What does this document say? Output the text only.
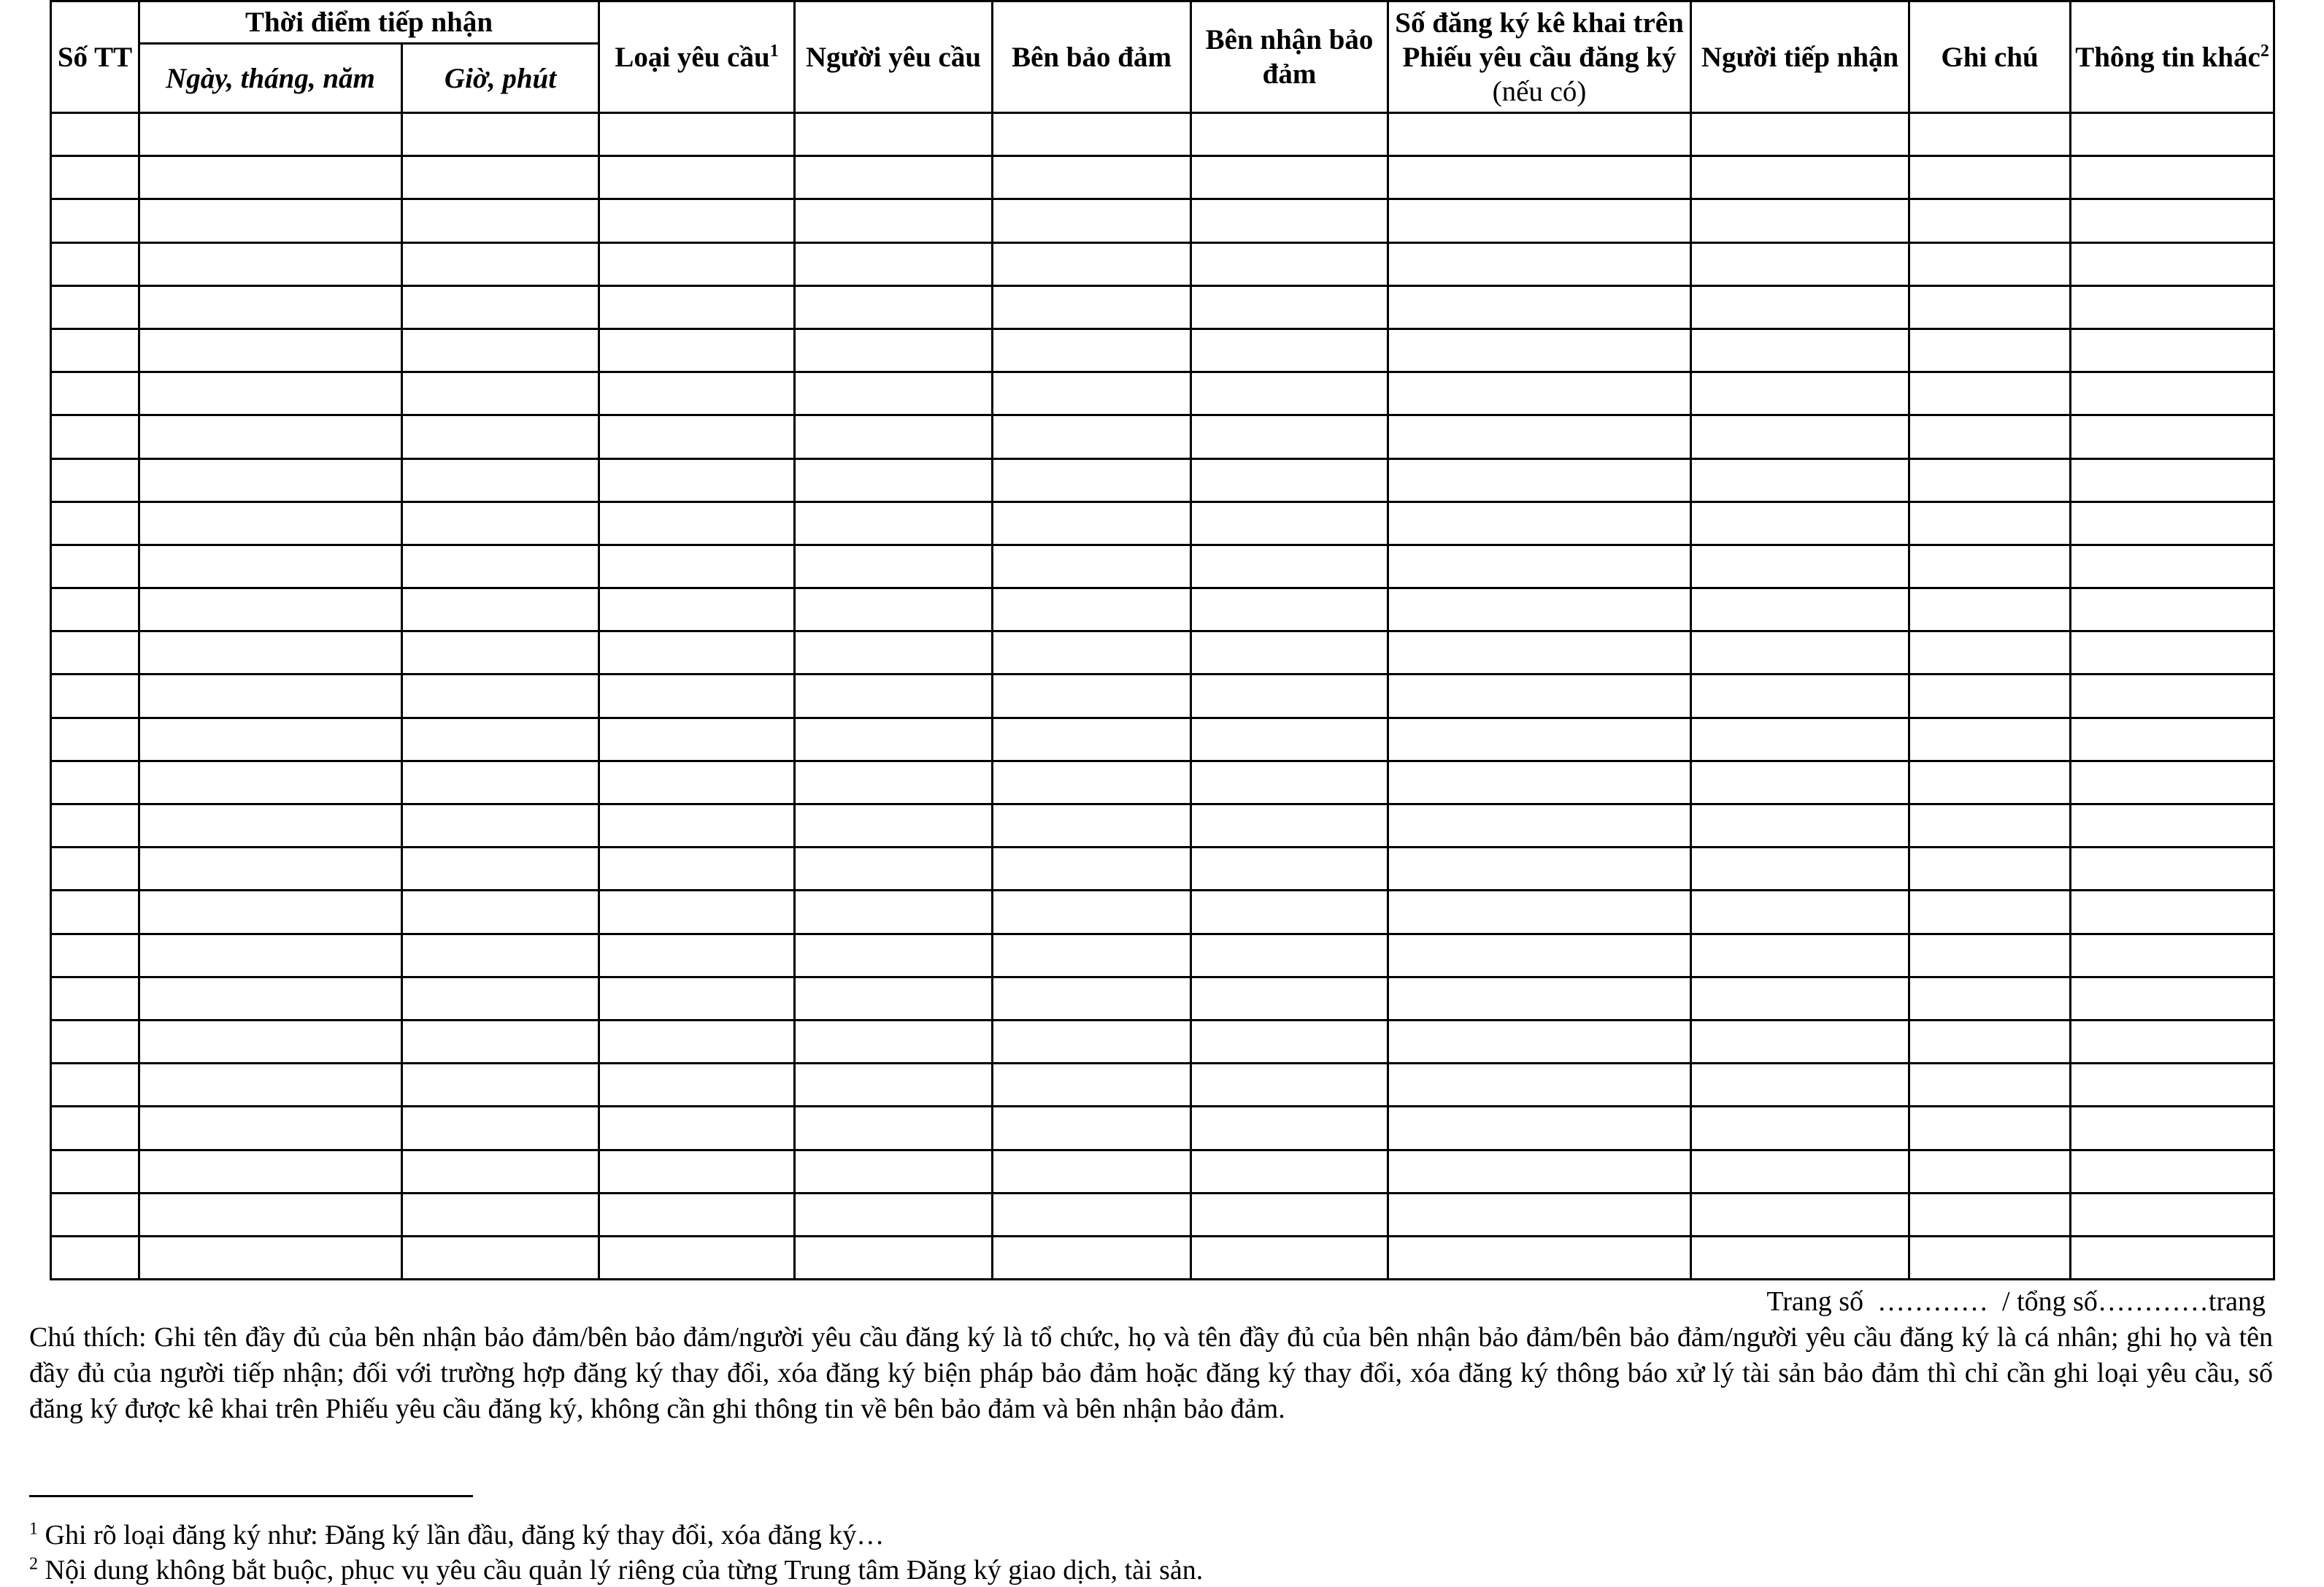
Số TT	Thời điểm tiếp nhận		Loại yêu cầu$^1$	Người yêu cầu	Bên bảo đảm	Bên nhận bảo đảm	Số đăng ký kê khai trên Phiếu yêu cầu đăng ký (nếu có)	Người tiếp nhận	Ghi chú	Thông tin khác$^2$
	Ngày, tháng, năm	Giờ, phút								

Trang số  …………  / tổng số…………trang
Chú thích: Ghi tên đầy đủ của bên nhận bảo đảm/bên bảo đảm/người yêu cầu đăng ký là tổ chức, họ và tên đầy đủ của bên nhận bảo đảm/bên bảo đảm/người yêu cầu đăng ký là cá nhân; ghi họ và tên đầy đủ của người tiếp nhận; đối với trường hợp đăng ký thay đổi, xóa đăng ký biện pháp bảo đảm hoặc đăng ký thay đổi, xóa đăng ký thông báo xử lý tài sản bảo đảm thì chỉ cần ghi loại yêu cầu, số đăng ký được kê khai trên Phiếu yêu cầu đăng ký, không cần ghi thông tin về bên bảo đảm và bên nhận bảo đảm.
$^1$ Ghi rõ loại đăng ký như: Đăng ký lần đầu, đăng ký thay đổi, xóa đăng ký…
$^2$ Nội dung không bắt buộc, phục vụ yêu cầu quản lý riêng của từng Trung tâm Đăng ký giao dịch, tài sản.
